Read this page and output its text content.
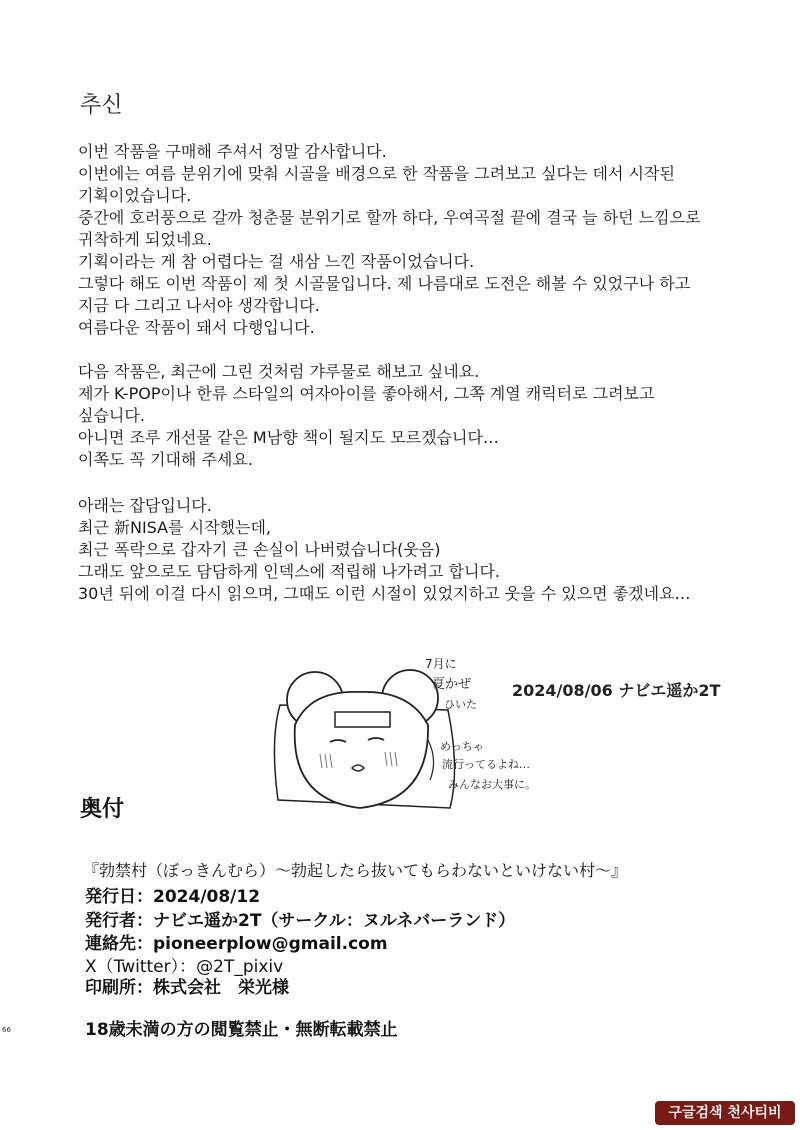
추신
이번 작품을 구매해 주셔서 정말 감사합니다.
이번에는 여름 분위기에 맞춰 시골을 배경으로 한 작품을 그려보고 싶다는 데서 시작된
기획이었습니다.
중간에 호러풍으로 갈까 청춘물 분위기로 할까 하다, 우여곡절 끝에 결국 늘 하던 느낌으로
귀착하게 되었네요.
기획이라는 게 참 어렵다는 걸 새삼 느낀 작품이었습니다.
그렇다 해도 이번 작품이 제 첫 시골물입니다. 제 나름대로 도전은 해볼 수 있었구나 하고
지금 다 그리고 나서야 생각합니다.
여름다운 작품이 돼서 다행입니다.
다음 작품은, 최근에 그린 것처럼 갸루물로 해보고 싶네요.
제가 K-POP이나 한류 스타일의 여자아이를 좋아해서, 그쪽 계열 캐릭터로 그려보고
싶습니다.
아니면 조루 개선물 같은 M남향 책이 될지도 모르겠습니다…
이쪽도 꼭 기대해 주세요.
아래는 잡담입니다.
최근 新NISA를 시작했는데,
최근 폭락으로 갑자기 큰 손실이 나버렸습니다(웃음)
그래도 앞으로도 담담하게 인덱스에 적립해 나가려고 합니다.
30년 뒤에 이걸 다시 읽으며, 그때도 이런 시절이 있었지하고 웃을 수 있으면 좋겠네요…
2024/08/06 ナビエ遥か2T
7月に
夏かぜ
ひいた
めっちゃ
流行ってるよね…
みんなお大事に。
奥付
『勃禁村（ぼっきんむら）〜勃起したら抜いてもらわないといけない村〜』
発行日：2024/08/12
発行者：ナビエ遥か2T（サークル：ヌルネバーランド）
連絡先：pioneerplow@gmail.com
X（Twitter）：@2T_pixiv
印刷所：株式会社　栄光様
18歳未満の方の閲覧禁止・無断転載禁止
66
구글검색 천사티비
